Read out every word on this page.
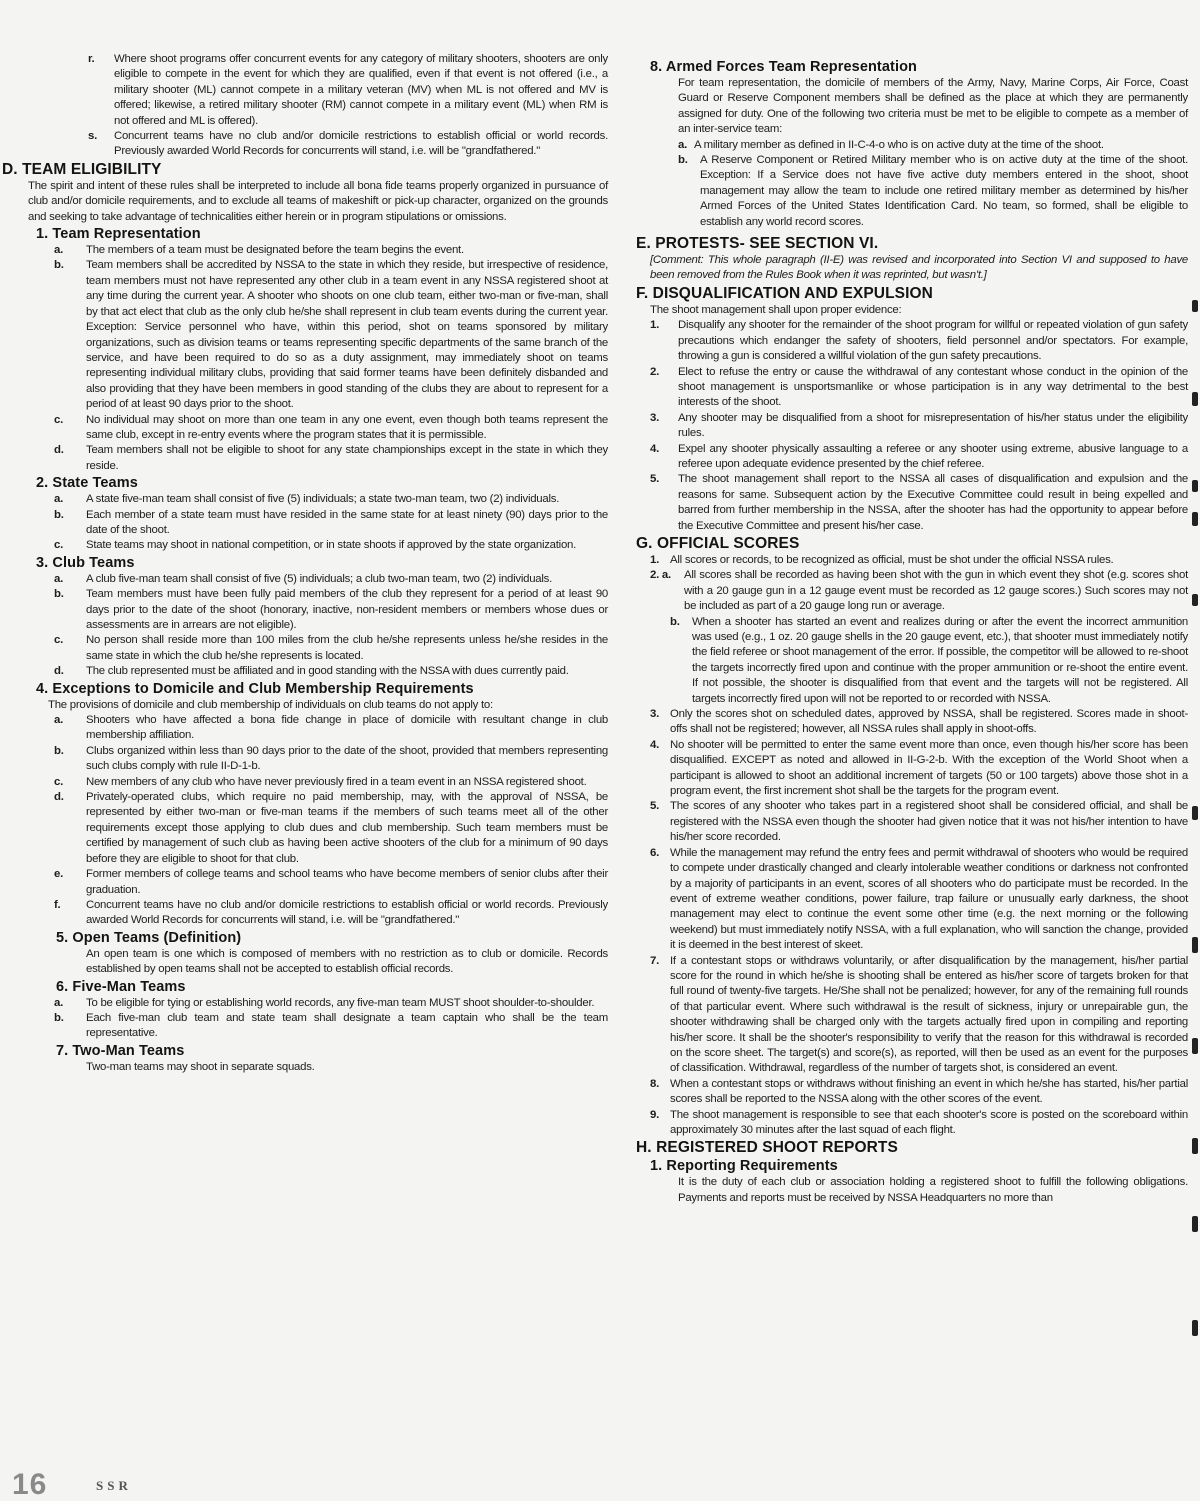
r.	Where shoot programs offer concurrent events for any category of military shooters, shooters are only eligible to compete in the event for which they are qualified, even if that event is not offered (i.e., a military shooter (ML) cannot compete in a military veteran (MV) when ML is not offered and MV is offered; likewise, a retired military shooter (RM) cannot compete in a military event (ML) when RM is not offered and ML is offered).
s.	Concurrent teams have no club and/or domicile restrictions to establish official or world records. Previously awarded World Records for concurrents will stand, i.e. will be "grandfathered."
D. TEAM ELIGIBILITY

The spirit and intent of these rules shall be interpreted to include all bona fide teams properly organized in pursuance of club and/or domicile requirements, and to exclude all teams of makeshift or pick-up character, organized on the grounds and seeking to take advantage of technicalities either herein or in program stipulations or omissions.

1. Team Representation
a.	The members of a team must be designated before the team begins the event.
b.	Team members shall be accredited by NSSA to the state in which they reside, but irrespective of residence, team members must not have represented any other club in a team event in any NSSA registered shoot at any time during the current year. A shooter who shoots on one club team, either two-man or five-man, shall by that act elect that club as the only club he/she shall represent in club team events during the current year. Exception: Service personnel who have, within this period, shot on teams sponsored by military organizations, such as division teams or teams representing specific departments of the same branch of the service, and have been required to do so as a duty assignment, may immediately shoot on teams representing individual military clubs, providing that said former teams have been definitely disbanded and also providing that they have been members in good standing of the clubs they are about to represent for a period of at least 90 days prior to the shoot.
c.	No individual may shoot on more than one team in any one event, even though both teams represent the same club, except in re-entry events where the program states that it is permissible.
d.	Team members shall not be eligible to shoot for any state championships except in the state in which they reside.
2. State Teams
a.	A state five-man team shall consist of five (5) individuals; a state two-man team, two (2) individuals.
b.	Each member of a state team must have resided in the same state for at least ninety (90) days prior to the date of the shoot.
c.	State teams may shoot in national competition, or in state shoots if approved by the state organization.
3. Club Teams
a.	A club five-man team shall consist of five (5) individuals; a club two-man team, two (2) individuals.
b.	Team members must have been fully paid members of the club they represent for a period of at least 90 days prior to the date of the shoot (honorary, inactive, non-resident members or members whose dues or assessments are in arrears are not eligible).
c.	No person shall reside more than 100 miles from the club he/she represents unless he/she resides in the same state in which the club he/she represents is located.
d.	The club represented must be affiliated and in good standing with the NSSA with dues currently paid.
4. Exceptions to Domicile and Club Membership Requirements

The provisions of domicile and club membership of individuals on club teams do not apply to:

a.	Shooters who have affected a bona fide change in place of domicile with resultant change in club membership affiliation.
b.	Clubs organized within less than 90 days prior to the date of the shoot, provided that members representing such clubs comply with rule II-D-1-b.
c.	New members of any club who have never previously fired in a team event in an NSSA registered shoot.
d.	Privately-operated clubs, which require no paid membership, may, with the approval of NSSA, be represented by either two-man or five-man teams if the members of such teams meet all of the other requirements except those applying to club dues and club membership. Such team members must be certified by management of such club as having been active shooters of the club for a minimum of 90 days before they are eligible to shoot for that club.
e.	Former members of college teams and school teams who have become members of senior clubs after their graduation.
f.	Concurrent teams have no club and/or domicile restrictions to establish official or world records. Previously awarded World Records for concurrents will stand, i.e. will be "grandfathered."
5. Open Teams (Definition)

An open team is one which is composed of members with no restriction as to club or domicile. Records established by open teams shall not be accepted to establish official records.

6. Five-Man Teams
a.	To be eligible for tying or establishing world records, any five-man team MUST shoot shoulder-to-shoulder.
b.	Each five-man club team and state team shall designate a team captain who shall be the team representative.
7. Two-Man Teams

Two-man teams may shoot in separate squads.

8. Armed Forces Team Representation

For team representation, the domicile of members of the Army, Navy, Marine Corps, Air Force, Coast Guard or Reserve Component members shall be defined as the place at which they are permanently assigned for duty. One of the following two criteria must be met to be eligible to compete as a member of an inter-service team:

a. A military member as defined in II-C-4-o who is on active duty at the time of the shoot.
b.	A Reserve Component or Retired Military member who is on active duty at the time of the shoot. Exception: If a Service does not have five active duty members entered in the shoot, shoot management may allow the team to include one retired military member as determined by his/her Armed Forces of the United States Identification Card. No team, so formed, shall be eligible to establish any world record scores.
E. PROTESTS- SEE SECTION VI.

[Comment: This whole paragraph (II-E) was revised and incorporated into Section VI and supposed to have been removed from the Rules Book when it was reprinted, but wasn't.]

F. DISQUALIFICATION AND EXPULSION

The shoot management shall upon proper evidence:

1.	Disqualify any shooter for the remainder of the shoot program for willful or repeated violation of gun safety precautions which endanger the safety of shooters, field personnel and/or spectators. For example, throwing a gun is considered a willful violation of the gun safety precautions.
2.	Elect to refuse the entry or cause the withdrawal of any contestant whose conduct in the opinion of the shoot management is unsportsmanlike or whose participation is in any way detrimental to the best interests of the shoot.
3.	Any shooter may be disqualified from a shoot for misrepresentation of his/her status under the eligibility rules.
4.	Expel any shooter physically assaulting a referee or any shooter using extreme, abusive language to a referee upon adequate evidence presented by the chief referee.
5.	The shoot management shall report to the NSSA all cases of disqualification and expulsion and the reasons for same. Subsequent action by the Executive Committee could result in being expelled and barred from further membership in the NSSA, after the shooter has had the opportunity to appear before the Executive Committee and present his/her case.
G. OFFICIAL SCORES
1. All scores or records, to be recognized as official, must be shot under the official NSSA rules.
2. a.	All scores shall be recorded as having been shot with the gun in which event they shot (e.g. scores shot with a 20 gauge gun in a 12 gauge event must be recorded as 12 gauge scores.) Such scores may not be included as part of a 20 gauge long run or average.
b.	When a shooter has started an event and realizes during or after the event the incorrect ammunition was used (e.g., 1 oz. 20 gauge shells in the 20 gauge event, etc.), that shooter must immediately notify the field referee or shoot management of the error. If possible, the competitor will be allowed to re-shoot the targets incorrectly fired upon and continue with the proper ammunition or re-shoot the entire event. If not possible, the shooter is disqualified from that event and the targets will not be registered. All targets incorrectly fired upon will not be reported to or recorded with NSSA.
3. Only the scores shot on scheduled dates, approved by NSSA, shall be registered. Scores made in shoot-offs shall not be registered; however, all NSSA rules shall apply in shoot-offs.
4. No shooter will be permitted to enter the same event more than once, even though his/her score has been disqualified. EXCEPT as noted and allowed in II-G-2-b. With the exception of the World Shoot when a participant is allowed to shoot an additional increment of targets (50 or 100 targets) above those shot in a program event, the first increment shot shall be the targets for the program event.
5. The scores of any shooter who takes part in a registered shoot shall be considered official, and shall be registered with the NSSA even though the shooter had given notice that it was not his/her intention to have his/her score recorded.
6. While the management may refund the entry fees and permit withdrawal of shooters who would be required to compete under drastically changed and clearly intolerable weather conditions or darkness not confronted by a majority of participants in an event, scores of all shooters who do participate must be recorded. In the event of extreme weather conditions, power failure, trap failure or unusually early darkness, the shoot management may elect to continue the event some other time (e.g. the next morning or the following weekend) but must immediately notify NSSA, with a full explanation, who will sanction the change, provided it is deemed in the best interest of skeet.
7. If a contestant stops or withdraws voluntarily, or after disqualification by the management, his/her partial score for the round in which he/she is shooting shall be entered as his/her score of targets broken for that full round of twenty-five targets. He/She shall not be penalized; however, for any of the remaining full rounds of that particular event. Where such withdrawal is the result of sickness, injury or unrepairable gun, the shooter withdrawing shall be charged only with the targets actually fired upon in compiling and reporting his/her score. It shall be the shooter's responsibility to verify that the reason for this withdrawal is recorded on the score sheet. The target(s) and score(s), as reported, will then be used as an event for the purposes of classification. Withdrawal, regardless of the number of targets shot, is considered an event.
8. When a contestant stops or withdraws without finishing an event in which he/she has started, his/her partial scores shall be reported to the NSSA along with the other scores of the event.
9. The shoot management is responsible to see that each shooter's score is posted on the scoreboard within approximately 30 minutes after the last squad of each flight.
H. REGISTERED SHOOT REPORTS
1. Reporting Requirements

It is the duty of each club or association holding a registered shoot to fulfill the following obligations. Payments and reports must be received by NSSA Headquarters no more than

16	SSR
